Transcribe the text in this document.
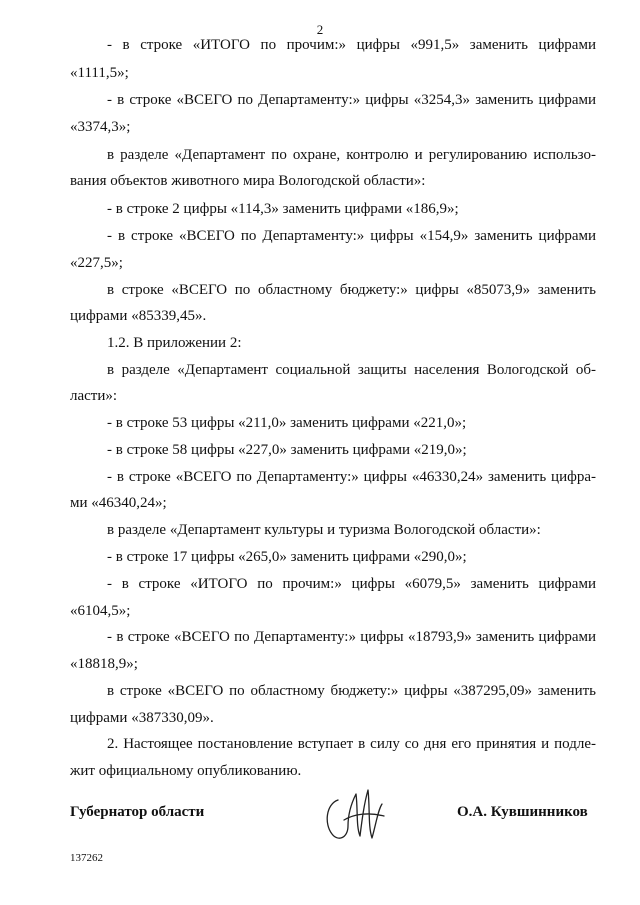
2
- в строке «ИТОГО по прочим:» цифры «991,5» заменить цифрами
«1111,5»;
- в строке «ВСЕГО по Департаменту:» цифры «3254,3» заменить цифрами
«3374,3»;
в разделе «Департамент по охране, контролю и регулированию использо-
вания объектов животного мира Вологодской области»:
- в строке 2 цифры «114,3» заменить цифрами «186,9»;
- в строке «ВСЕГО по Департаменту:» цифры «154,9» заменить цифрами
«227,5»;
в строке «ВСЕГО по областному бюджету:» цифры «85073,9» заменить
цифрами «85339,45».
1.2. В приложении 2:
в разделе «Департамент социальной защиты населения Вологодской об-
ласти»:
- в строке 53 цифры «211,0» заменить цифрами «221,0»;
- в строке 58 цифры «227,0» заменить цифрами «219,0»;
- в строке «ВСЕГО по Департаменту:» цифры «46330,24» заменить цифра-
ми «46340,24»;
в разделе «Департамент культуры и туризма Вологодской области»:
- в строке 17 цифры «265,0» заменить цифрами «290,0»;
- в строке «ИТОГО по прочим:» цифры «6079,5» заменить цифрами
«6104,5»;
- в строке «ВСЕГО по Департаменту:» цифры «18793,9» заменить цифрами
«18818,9»;
в строке «ВСЕГО по областному бюджету:» цифры «387295,09» заменить
цифрами «387330,09».
2. Настоящее постановление вступает в силу со дня его принятия и подле-
жит официальному опубликованию.
Губернатор области	О.А. Кувшинников
137262
